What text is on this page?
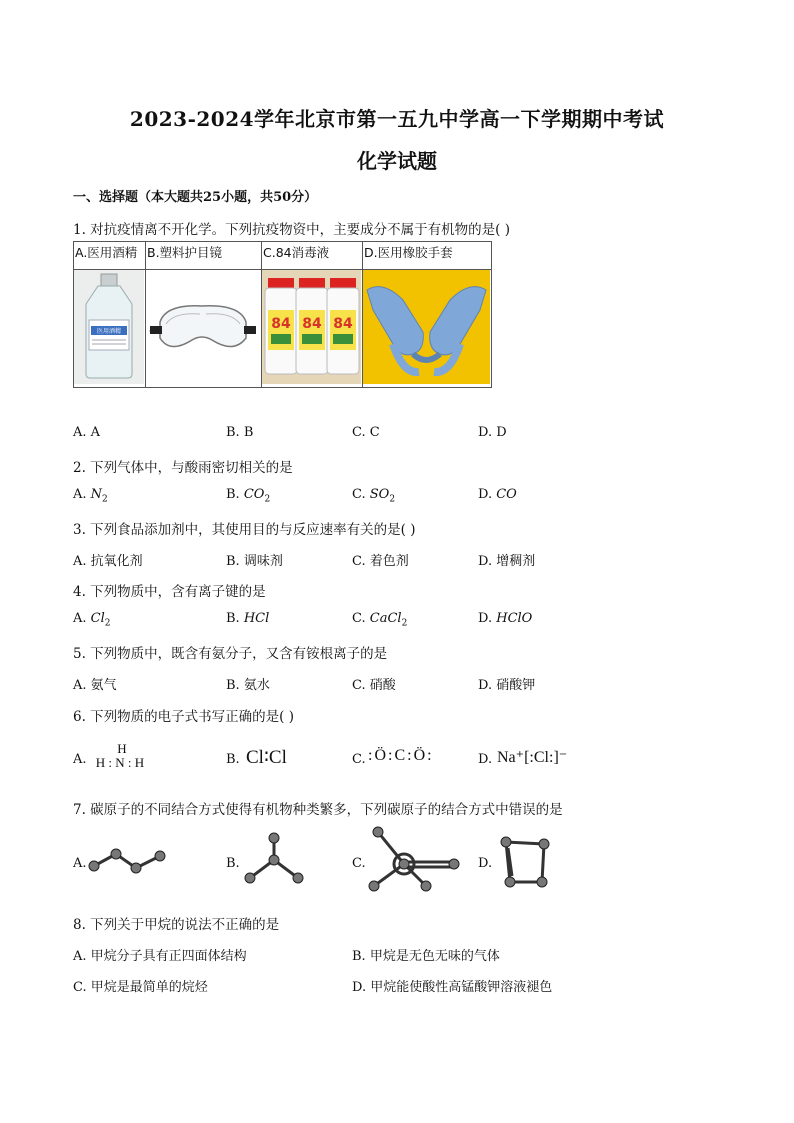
2023-2024学年北京市第一五九中学高一下学期期中考试
化学试题
一、选择题（本大题共25小题，共50分）
1. 对抗疫情离不开化学。下列抗疫物资中，主要成分不属于有机物的是( )
A.医用酒精	B.塑料护目镜	C.84消毒液	D.医用橡胶手套

医用酒精		84 84 84

A. A	B. B	C. C	D. D
2. 下列气体中，与酸雨密切相关的是
A. $N_2$	B. $CO_2$	C. $SO_2$	D. CO
3. 下列食品添加剂中，其使用目的与反应速率有关的是( )
A. 抗氧化剂	B. 调味剂	C. 着色剂	D. 增稠剂
4. 下列物质中，含有离子键的是
A. $Cl_2$	B. HCl	C. CaCl$_2$	D. HClO
5. 下列物质中，既含有氨分子，又含有铵根离子的是
A. 氨气	B. 氨水	C. 硝酸	D. 硝酸钾
6. 下列物质的电子式书写正确的是( )
A.
H
H : N : H	B. Cl∶Cl	C. :Ö:C:Ö:	D. Na⁺[:Cl:]⁻
7. 碳原子的不同结合方式使得有机物种类繁多，下列碳原子的结合方式中错误的是
A.	B.	C.	D.
8. 下列关于甲烷的说法不正确的是
A. 甲烷分子具有正四面体结构	B. 甲烷是无色无味的气体
C. 甲烷是最简单的烷烃	D. 甲烷能使酸性高锰酸钾溶液褪色
